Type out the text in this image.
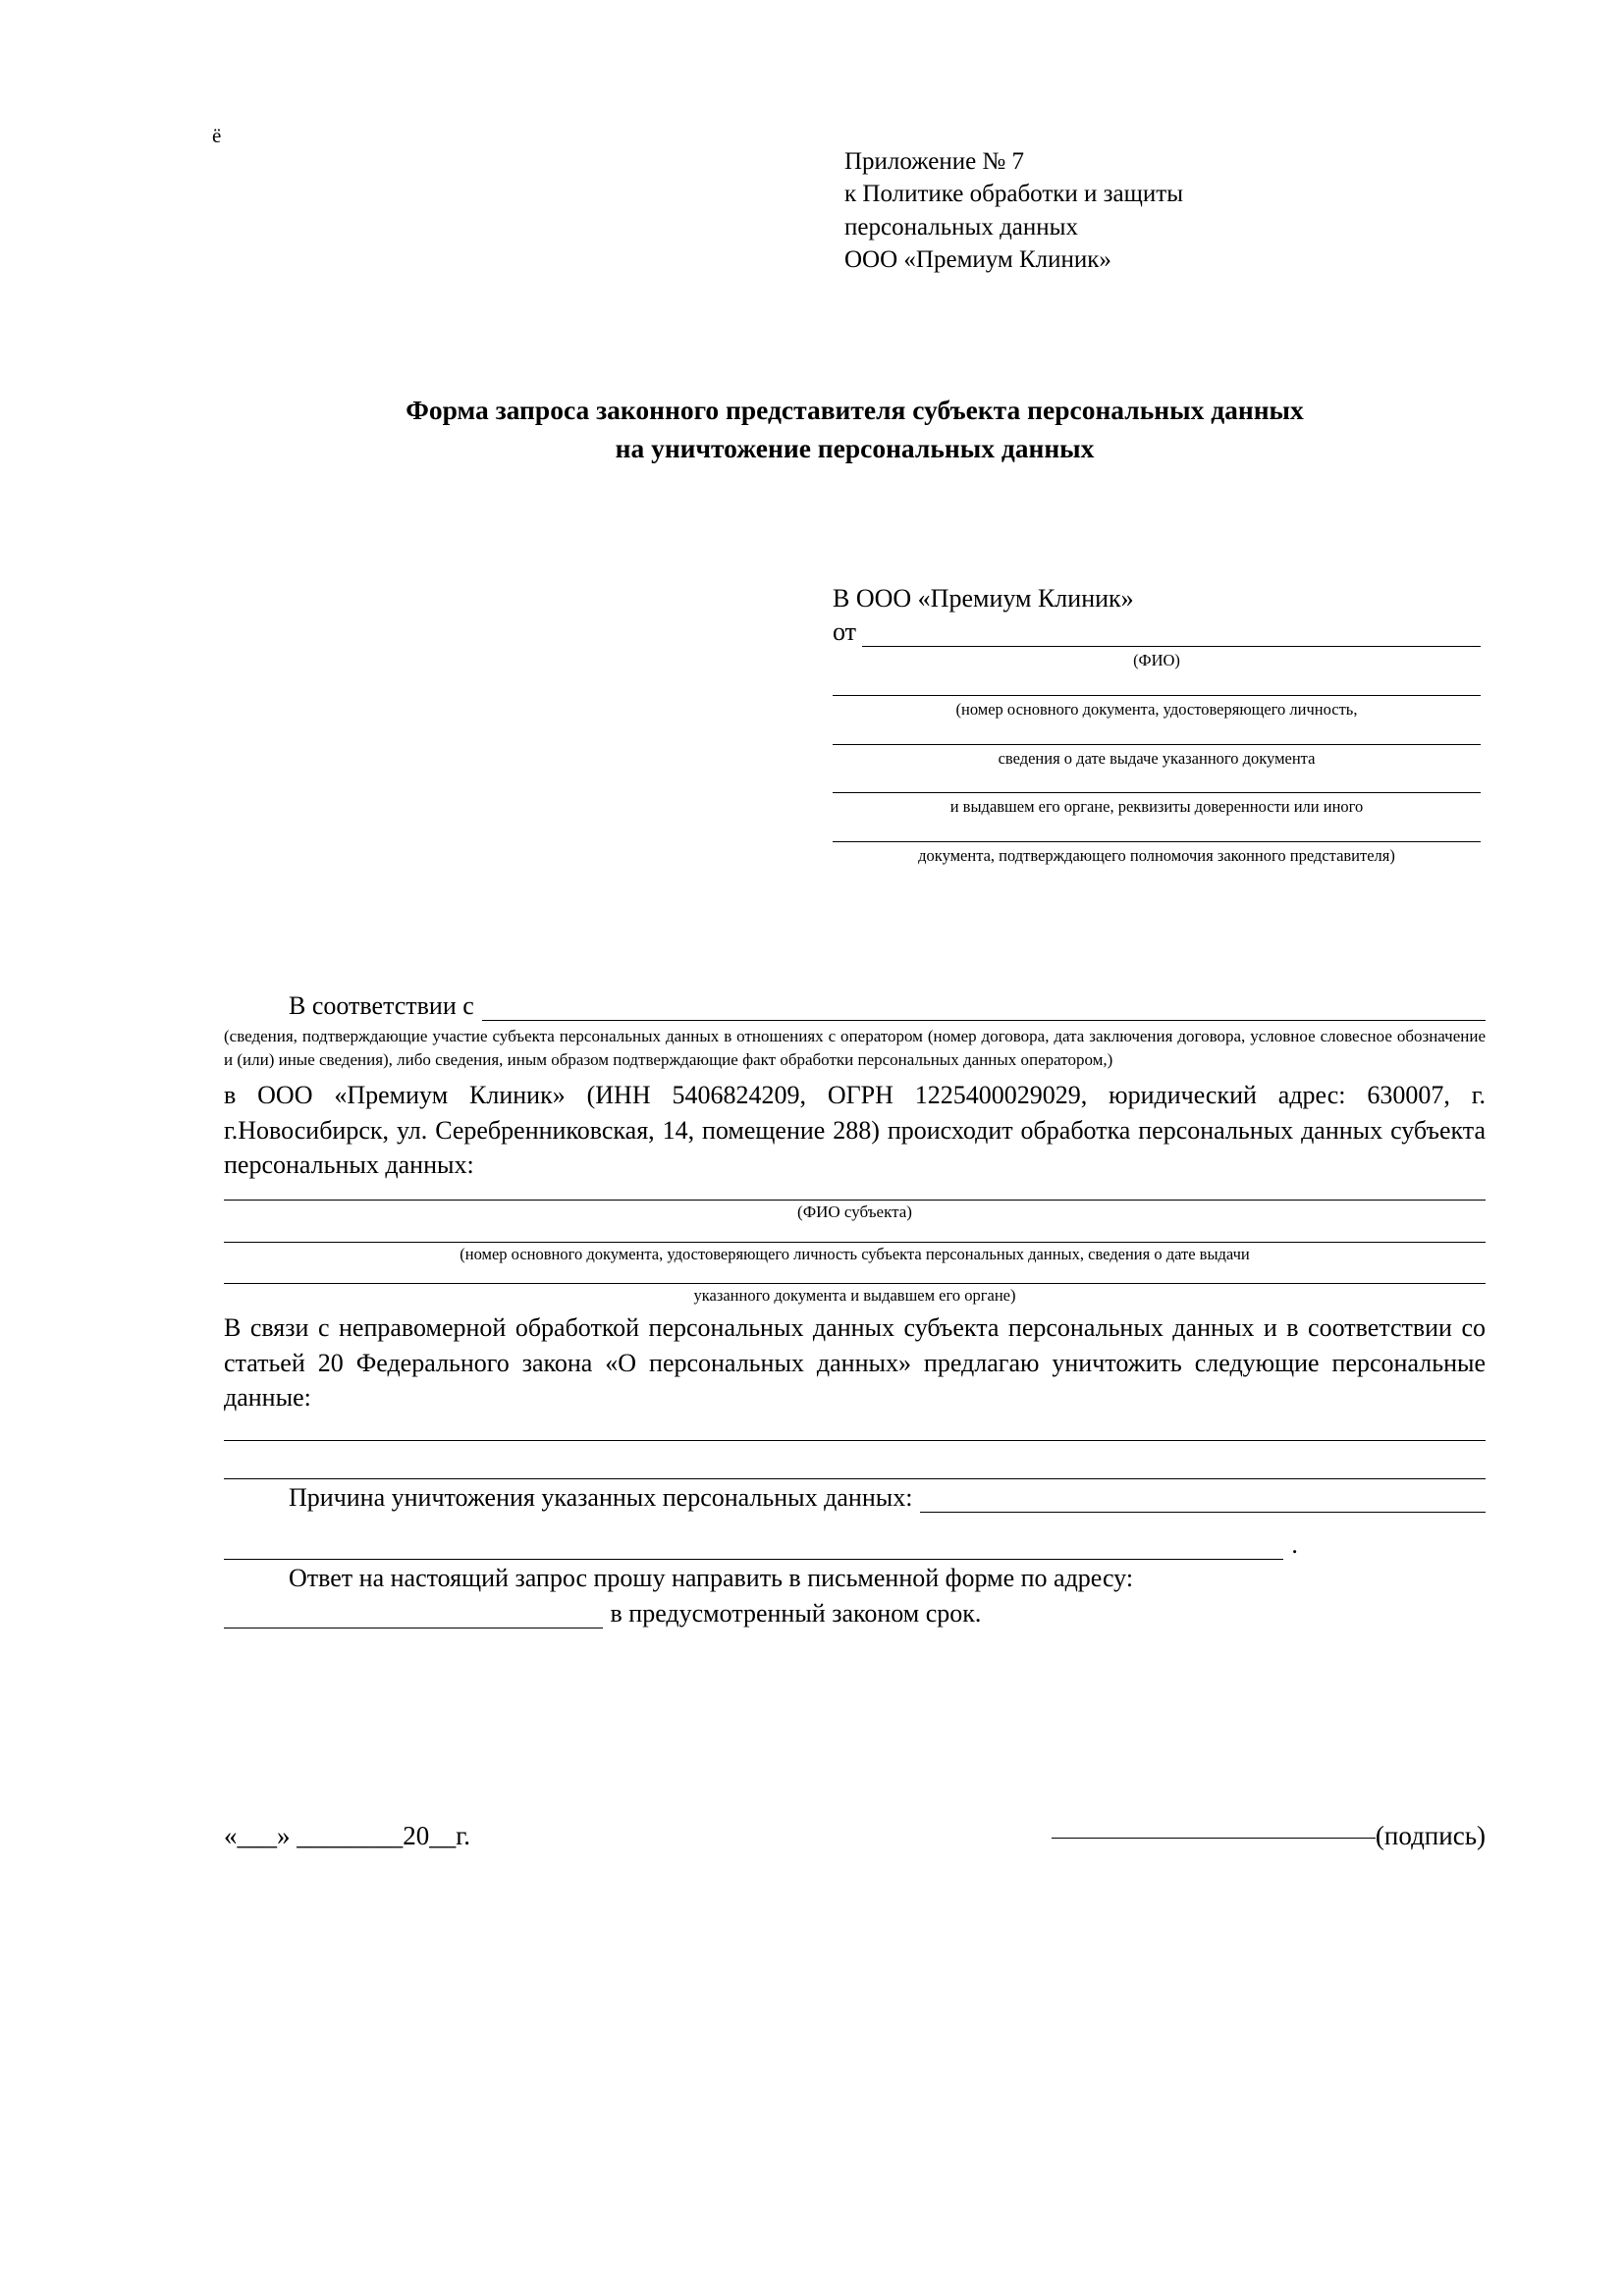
ё
Приложение № 7
к Политике обработки и защиты
персональных данных
ООО «Премиум Клиник»
Форма запроса законного представителя субъекта персональных данных
на уничтожение персональных данных
В ООО «Премиум Клиник»
от
(ФИО)
(номер основного документа, удостоверяющего личность,
сведения о дате выдаче указанного документа
и выдавшем его органе, реквизиты доверенности или иного
документа, подтверждающего полномочия законного представителя)
В соответствии с
(сведения, подтверждающие участие субъекта персональных данных в отношениях с оператором (номер договора, дата заключения договора, условное словесное обозначение и (или) иные сведения), либо сведения, иным образом подтверждающие факт обработки персональных данных оператором,)
в ООО «Премиум Клиник» (ИНН 5406824209, ОГРН 1225400029029, юридический адрес: 630007, г. г.Новосибирск, ул. Серебренниковская, 14, помещение 288) происходит обработка персональных данных субъекта персональных данных:
(ФИО субъекта)
(номер основного документа, удостоверяющего личность субъекта персональных данных, сведения о дате выдачи
указанного документа и выдавшем его органе)
В связи с неправомерной обработкой персональных данных субъекта персональных данных и в соответствии со статьей 20 Федерального закона «О персональных данных» предлагаю уничтожить следующие персональные данные:
Причина уничтожения указанных персональных данных:
.
Ответ на настоящий запрос прошу направить в письменной форме по адресу:
в предусмотренный законом срок.
«___» ________20__г.	(подпись)
